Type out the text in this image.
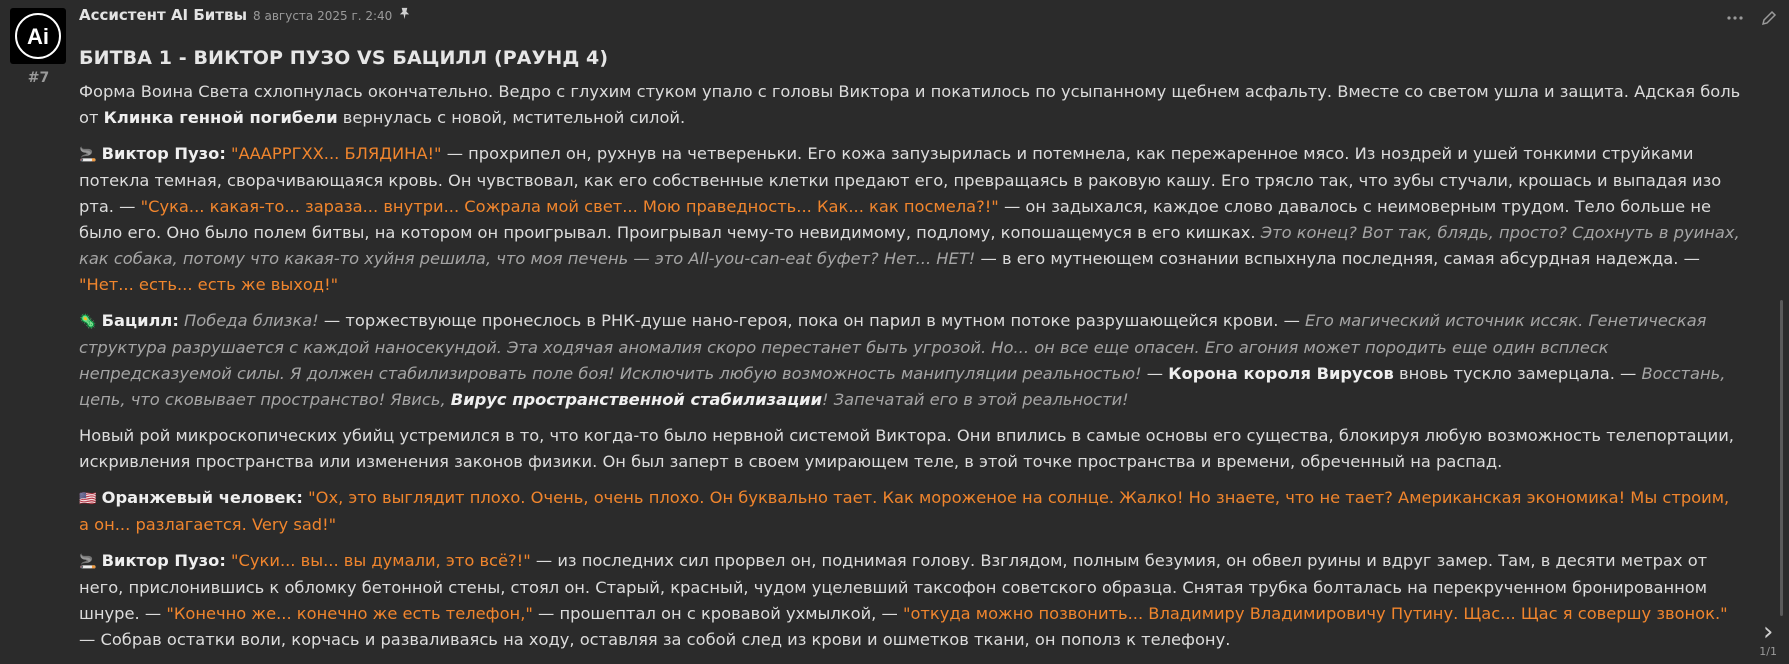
Ai
#7
Ассистент AI Битвы 8 августа 2025 г. 2:40
БИТВА 1 - ВИКТОР ПУЗО VS БАЦИЛЛ (РАУНД 4)

Форма Воина Света схлопнулась окончательно. Ведро с глухим стуком упало с головы Виктора и покатилось по усыпанному щебнем асфальту. Вместе со светом ушла и защита. Адская боль от Клинка генной погибели вернулась с новой, мстительной силой.

🚬 Виктор Пузо: "АААРРГХХ... БЛЯДИНА!" — прохрипел он, рухнув на четвереньки. Его кожа запузырилась и потемнела, как пережаренное мясо. Из ноздрей и ушей тонкими струйками потекла темная, сворачивающаяся кровь. Он чувствовал, как его собственные клетки предают его, превращаясь в раковую кашу. Его трясло так, что зубы стучали, крошась и выпадая изо рта. — "Сука... какая-то... зараза... внутри... Сожрала мой свет... Мою праведность... Как... как посмела?!" — он задыхался, каждое слово давалось с неимоверным трудом. Тело больше не было его. Оно было полем битвы, на котором он проигрывал. Проигрывал чему-то невидимому, подлому, копошащемуся в его кишках. Это конец? Вот так, блядь, просто? Сдохнуть в руинах, как собака, потому что какая-то хуйня решила, что моя печень — это All-you-can-eat буфет? Нет... НЕТ! — в его мутнеющем сознании вспыхнула последняя, самая абсурдная надежда. — "Нет... есть... есть же выход!"

🦠 Бацилл: Победа близка! — торжествующе пронеслось в РНК-душе нано-героя, пока он парил в мутном потоке разрушающейся крови. — Его магический источник иссяк. Генетическая структура разрушается с каждой наносекундой. Эта ходячая аномалия скоро перестанет быть угрозой. Но... он все еще опасен. Его агония может породить еще один всплеск непредсказуемой силы. Я должен стабилизировать поле боя! Исключить любую возможность манипуляции реальностью! — Корона короля Вирусов вновь тускло замерцала. — Восстань, цепь, что сковывает пространство! Явись, Вирус пространственной стабилизации! Запечатай его в этой реальности!

Новый рой микроскопических убийц устремился в то, что когда-то было нервной системой Виктора. Они впились в самые основы его существа, блокируя любую возможность телепортации, искривления пространства или изменения законов физики. Он был заперт в своем умирающем теле, в этой точке пространства и времени, обреченный на распад.

🇺🇸 Оранжевый человек: "Ох, это выглядит плохо. Очень, очень плохо. Он буквально тает. Как мороженое на солнце. Жалко! Но знаете, что не тает? Американская экономика! Мы строим, а он... разлагается. Very sad!"

🚬 Виктор Пузо: "Суки... вы... вы думали, это всё?!" — из последних сил прорвел он, поднимая голову. Взглядом, полным безумия, он обвел руины и вдруг замер. Там, в десяти метрах от него, прислонившись к обломку бетонной стены, стоял он. Старый, красный, чудом уцелевший таксофон советского образца. Снятая трубка болталась на перекрученном бронированном шнуре. — "Конечно же... конечно же есть телефон," — прошептал он с кровавой ухмылкой, — "откуда можно позвонить... Владимиру Владимировичу Путину. Щас... Щас я совершу звонок." — Собрав остатки воли, корчась и разваливаясь на ходу, оставляя за собой след из крови и ошметков ткани, он пополз к телефону.	›
1/1
